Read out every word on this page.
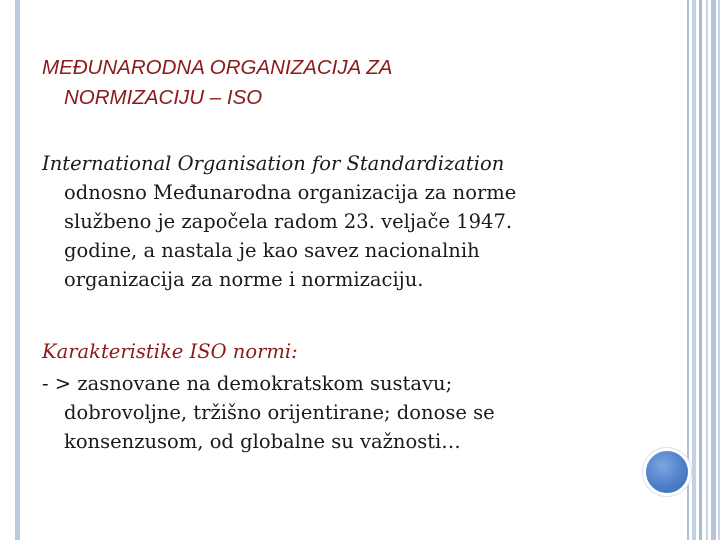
MEĐUNARODNA ORGANIZACIJA ZA
NORMIZACIJU – ISO
International Organisation for Standardization
odnosno Međunarodna organizacija za norme
službeno je započela radom 23. veljače 1947.
godine, a nastala je kao savez nacionalnih
organizacija za norme i normizaciju.
Karakteristike ISO normi:
- > zasnovane na demokratskom sustavu;
dobrovoljne, tržišno orijentirane; donose se
konsenzusom, od globalne su važnosti…
